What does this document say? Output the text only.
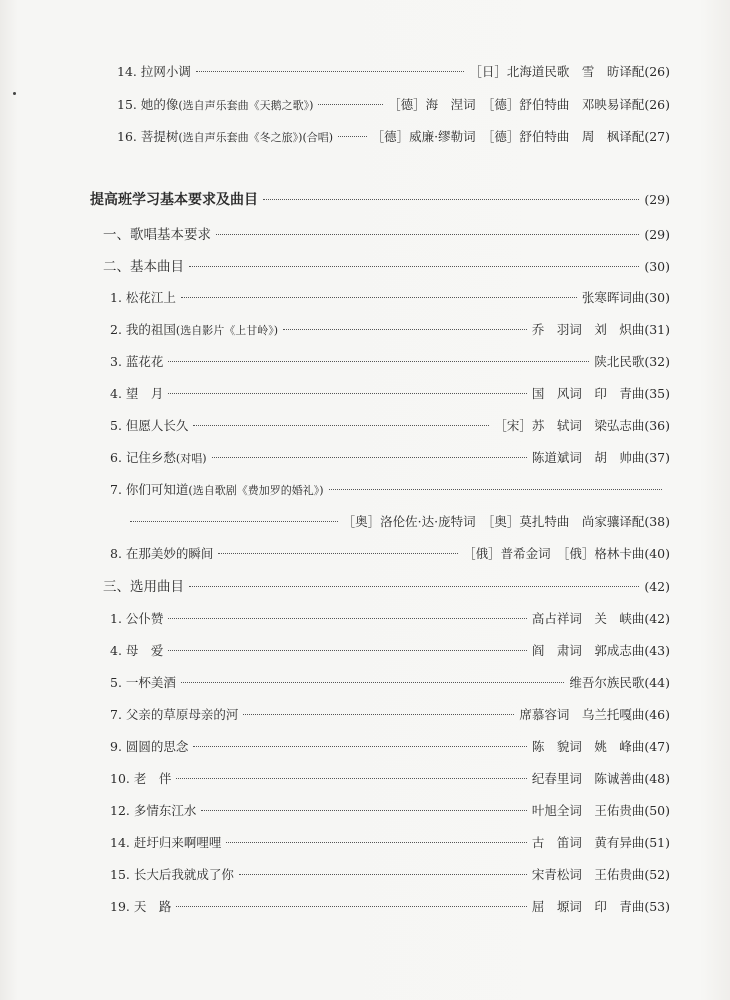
14. 拉网小调	［日］北海道民歌　雪　昉译配 (26)
15. 她的像(选自声乐套曲《天鹅之歌》)	［德］海　涅词　［德］舒伯特曲　邓映易译配 (26)
16. 菩提树(选自声乐套曲《冬之旅》)(合唱)	［德］威廉·缪勒词　［德］舒伯特曲　周　枫译配 (27)
提高班学习基本要求及曲目	(29)
一、歌唱基本要求	(29)
二、基本曲目	(30)
1. 松花江上	张寒晖词曲 (30)
2. 我的祖国(选自影片《上甘岭》)	乔　羽词　刘　炽曲 (31)
3. 蓝花花	陕北民歌 (32)
4. 望　月	国　风词　印　青曲 (35)
5. 但愿人长久	［宋］苏　轼词　梁弘志曲 (36)
6. 记住乡愁(对唱)	陈道斌词　胡　帅曲 (37)
7. 你们可知道(选自歌剧《费加罗的婚礼》)
［奥］洛伦佐·达·庞特词　［奥］莫扎特曲　尚家骧译配 (38)
8. 在那美妙的瞬间	［俄］普希金词　［俄］格林卡曲 (40)
三、选用曲目	(42)
1. 公仆赞	高占祥词　关　峡曲 (42)
4. 母　爱	阎　肃词　郭成志曲 (43)
5. 一杯美酒	维吾尔族民歌 (44)
7. 父亲的草原母亲的河	席慕容词　乌兰托嘎曲 (46)
9. 圆圆的思念	陈　貌词　姚　峰曲 (47)
10. 老　伴	纪春里词　陈诚善曲 (48)
12. 多情东江水	叶旭全词　王佑贵曲 (50)
14. 赶圩归来啊哩哩	古　笛词　黄有异曲 (51)
15. 长大后我就成了你	宋青松词　王佑贵曲 (52)
19. 天　路	屈　塬词　印　青曲 (53)
